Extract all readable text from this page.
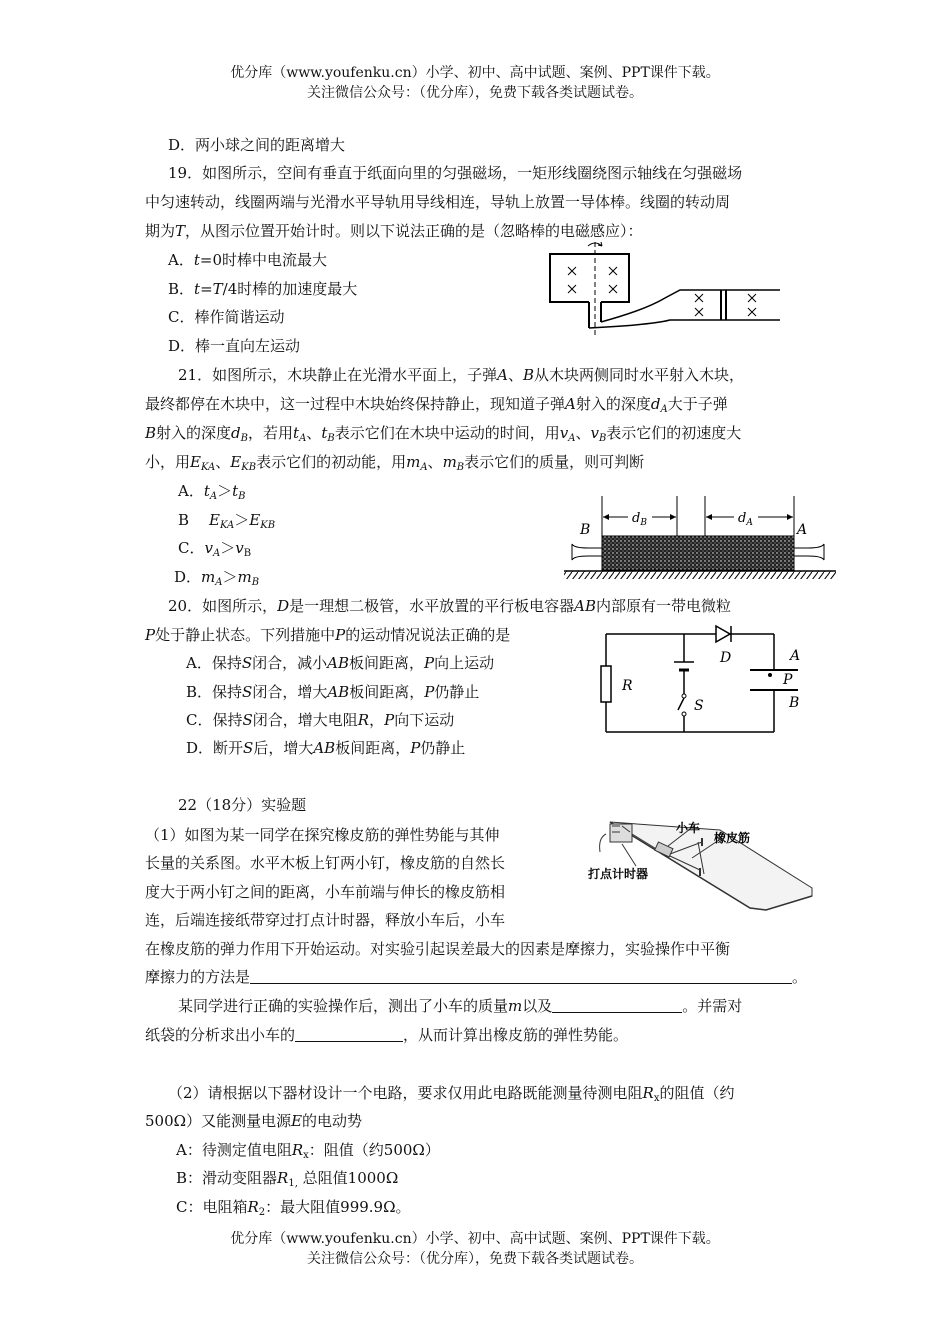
优分库（www.youfenku.cn）小学、初中、高中试题、案例、PPT课件下载。
关注微信公众号：（优分库），免费下载各类试题试卷。
D．两小球之间的距离增大
19．如图所示，空间有垂直于纸面向里的匀强磁场，一矩形线圈绕图示轴线在匀强磁场
中匀速转动，线圈两端与光滑水平导轨用导线相连，导轨上放置一导体棒。线圈的转动周
期为T，从图示位置开始计时。则以下说法正确的是（忽略棒的电磁感应）：
A．t=0时棒中电流最大
B．t=T/4时棒的加速度最大
C．棒作简谐运动
D．棒一直向左运动
21．如图所示，木块静止在光滑水平面上，子弹A、B从木块两侧同时水平射入木块，
最终都停在木块中，这一过程中木块始终保持静止，现知道子弹A射入的深度$d_A$大于子弹
B射入的深度$d_B$，若用$t_A$、$t_B$表示它们在木块中运动的时间，用$v_A$、$v_B$表示它们的初速度大
小，用$E_{KA}$、$E_{KB}$表示它们的初动能，用$m_A$、$m_B$表示它们的质量，则可判断
A．$t_A>t_B$
B $E_{KA}>E_{KB}$
C．$v_A>v_B$
D．$m_A>m_B$
$d_B$	$d_A$
B	A
20．如图所示，D是一理想二极管，水平放置的平行板电容器AB内部原有一带电微粒
P处于静止状态。下列措施中P的运动情况说法正确的是
A．保持S闭合，减小AB板间距离，P向上运动
B．保持S闭合，增大AB板间距离，P仍静止
C．保持S闭合，增大电阻R，P向下运动
D．断开S后，增大AB板间距离，P仍静止
R
S
D	A
P
B
22（18分）实验题
（1）如图为某一同学在探究橡皮筋的弹性势能与其伸
长量的关系图。水平木板上钉两小钉，橡皮筋的自然长
度大于两小钉之间的距离，小车前端与伸长的橡皮筋相
连，后端连接纸带穿过打点计时器，释放小车后，小车
在橡皮筋的弹力作用下开始运动。对实验引起误差最大的因素是摩擦力，实验操作中平衡
摩擦力的方法是	。
某同学进行正确的实验操作后，测出了小车的质量m以及	。并需对
纸袋的分析求出小车的	，从而计算出橡皮筋的弹性势能。
小车
橡皮筋
打点计时器
（2）请根据以下器材设计一个电路，要求仅用此电路既能测量待测电阻$R_x$的阻值（约
500Ω）又能测量电源E的电动势
A：待测定值电阻$R_x$：阻值（约500Ω）
B：滑动变阻器$R_{1,}$ 总阻值1000Ω
C：电阻箱$R_2$：最大阻值999.9Ω。
优分库（www.youfenku.cn）小学、初中、高中试题、案例、PPT课件下载。
关注微信公众号：（优分库），免费下载各类试题试卷。
